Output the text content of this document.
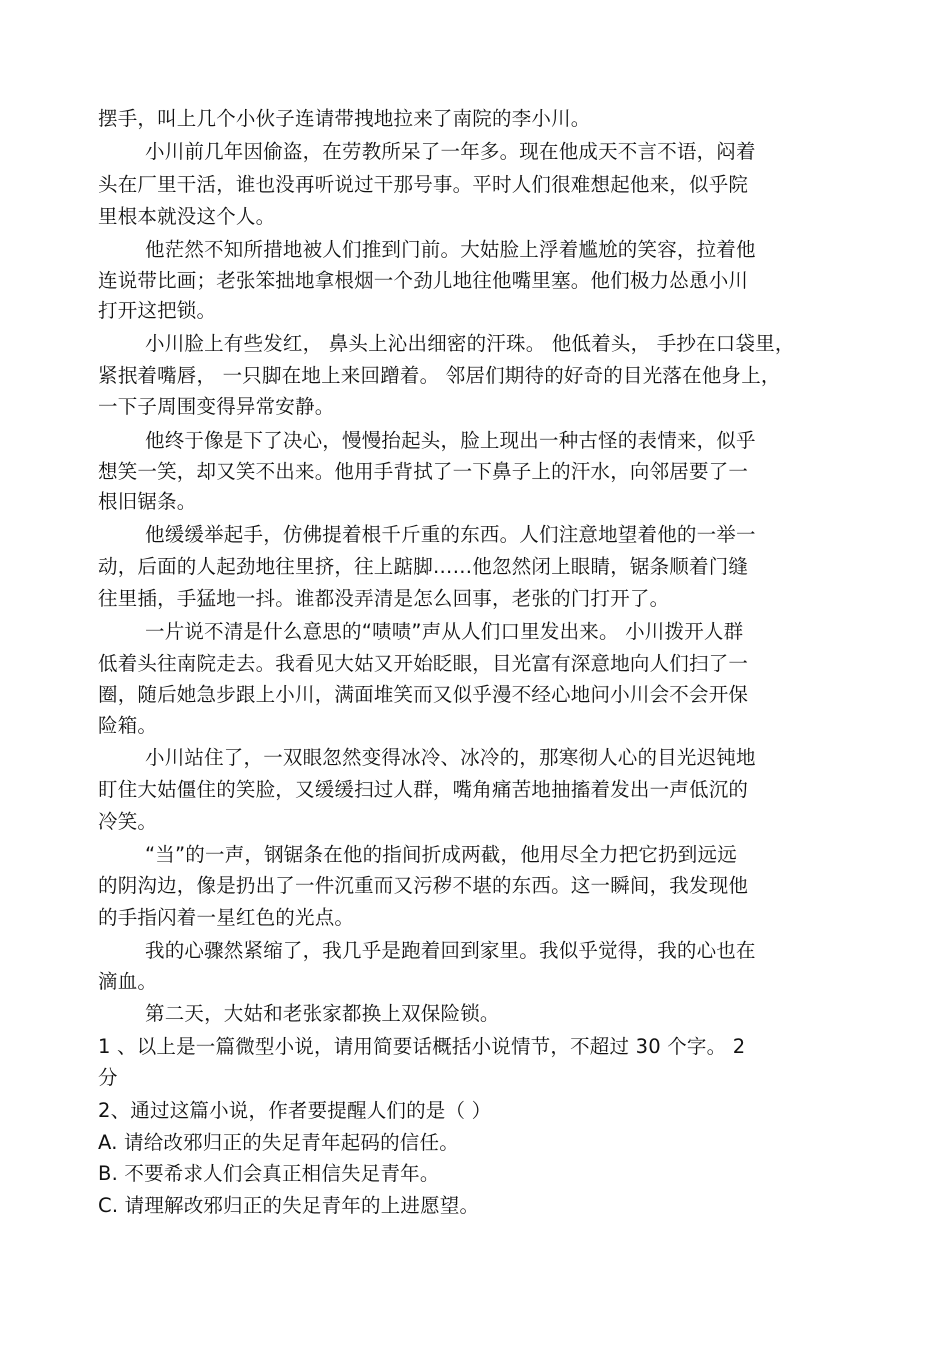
摆手，叫上几个小伙子连请带拽地拉来了南院的李小川。
小川前几年因偷盗，在劳教所呆了一年多。现在他成天不言不语，闷着
头在厂里干活，谁也没再听说过干那号事。平时人们很难想起他来，似乎院
里根本就没这个人。
他茫然不知所措地被人们推到门前。大姑脸上浮着尴尬的笑容，拉着他
连说带比画；老张笨拙地拿根烟一个劲儿地往他嘴里塞。他们极力怂恿小川
打开这把锁。
小川脸上有些发红， 鼻头上沁出细密的汗珠。 他低着头， 手抄在口袋里，
紧抿着嘴唇， 一只脚在地上来回蹭着。 邻居们期待的好奇的目光落在他身上，
一下子周围变得异常安静。
他终于像是下了决心，慢慢抬起头，脸上现出一种古怪的表情来，似乎
想笑一笑，却又笑不出来。他用手背拭了一下鼻子上的汗水，向邻居要了一
根旧锯条。
他缓缓举起手，仿佛提着根千斤重的东西。人们注意地望着他的一举一
动，后面的人起劲地往里挤，往上踮脚……他忽然闭上眼睛，锯条顺着门缝
往里插，手猛地一抖。谁都没弄清是怎么回事，老张的门打开了。
一片说不清是什么意思的“啧啧”声从人们口里发出来。 小川拨开人群
低着头往南院走去。我看见大姑又开始眨眼，目光富有深意地向人们扫了一
圈，随后她急步跟上小川，满面堆笑而又似乎漫不经心地问小川会不会开保
险箱。
小川站住了，一双眼忽然变得冰冷、冰冷的，那寒彻人心的目光迟钝地
盯住大姑僵住的笑脸，又缓缓扫过人群，嘴角痛苦地抽搐着发出一声低沉的
冷笑。
“当”的一声，钢锯条在他的指间折成两截，他用尽全力把它扔到远远
的阴沟边，像是扔出了一件沉重而又污秽不堪的东西。这一瞬间，我发现他
的手指闪着一星红色的光点。
我的心骤然紧缩了，我几乎是跑着回到家里。我似乎觉得，我的心也在
滴血。
第二天，大姑和老张家都换上双保险锁。
1 、以上是一篇微型小说，请用简要话概括小说情节，不超过 30 个字。 2
分
2、通过这篇小说，作者要提醒人们的是（ ）
A. 请给改邪归正的失足青年起码的信任。
B. 不要希求人们会真正相信失足青年。
C. 请理解改邪归正的失足青年的上进愿望。
